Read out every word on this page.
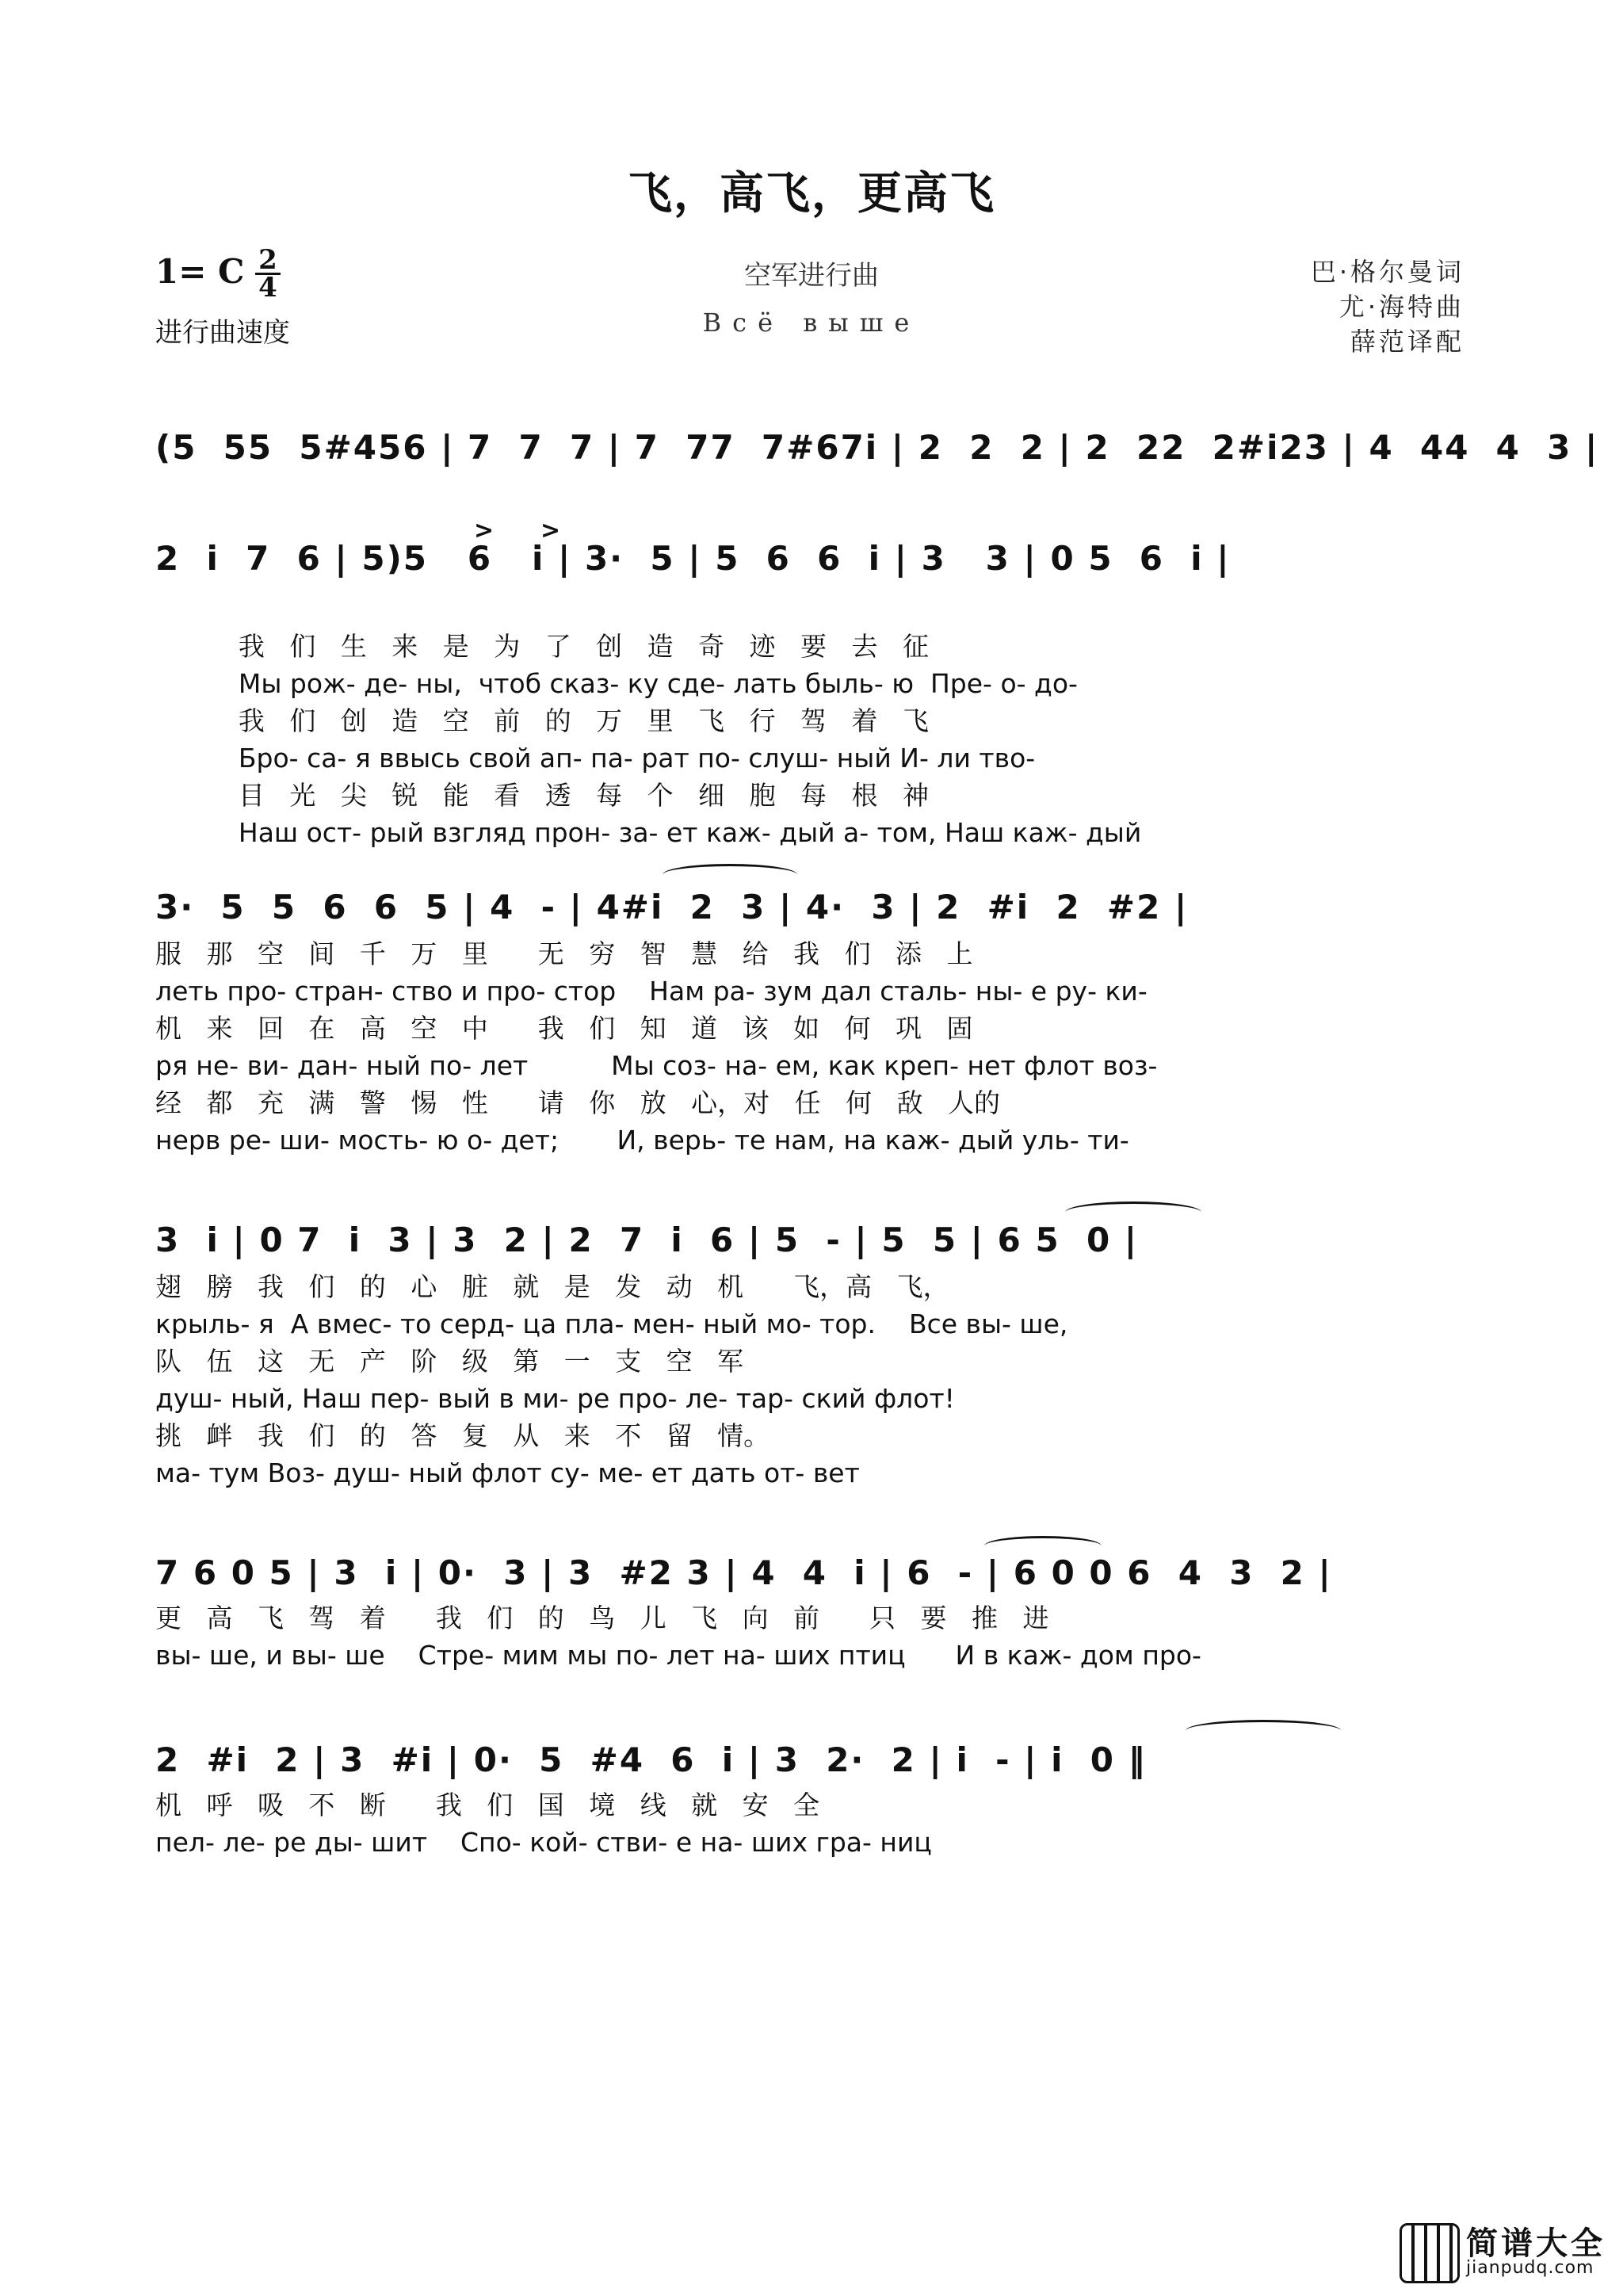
飞，高飞，更高飞
1= C 2
4
进行曲速度
空军进行曲
Всё выше
巴·格尔曼词
尤·海特曲
薛范译配
(5  55  5#456 | 7  7  7 | 7  77  7#67i | 2  2  2 | 2  22  2#i23 | 4  44  4  3 |
> >
2  i  7  6 | 5)5   6   i | 3·  5 | 5  6  6  i | 3   3 | 0 5  6  i |
我   们   生   来   是   为   了   创   造   奇   迹   要   去   征
Мы рож- де- ны,  чтоб сказ- ку сде- лать быль- ю  Пре- о- до-
我   们   创   造   空   前   的   万   里   飞   行   驾   着   飞
Бро- са- я ввысь свой ап- па- рат по- слуш- ный И- ли тво-
目   光   尖   锐   能   看   透   每   个   细   胞   每   根   神
Наш ост- рый взгляд прон- за- ет каж- дый а- том, Наш каж- дый
3·  5  5  6  6  5 | 4  - | 4#i  2  3 | 4·  3 | 2  #i  2  #2 |
服   那   空   间   千   万   里      无   穷   智   慧   给   我   们   添   上
леть про- стран- ство и про- стор    Нам ра- зум дал сталь- ны- е ру- ки-
机   来   回   在   高   空   中      我   们   知   道   该   如   何   巩   固
ря не- ви- дан- ный по- лет          Мы соз- на- ем, как креп- нет флот воз-
经   都   充   满   警   惕   性      请   你   放   心，对   任   何   敌   人的
нерв ре- ши- мость- ю о- дет;       И, верь- те нам, на каж- дый уль- ти-
3  i | 0 7  i  3 | 3  2 | 2  7  i  6 | 5  - | 5  5 | 6 5  0 |
翅   膀   我   们   的   心   脏   就   是   发   动   机      飞，高   飞，
крыль- я  А вмес- то серд- ца пла- мен- ный мо- тор.    Все вы- ше,
队   伍   这   无   产   阶   级   第   一   支   空   军
душ- ный, Наш пер- вый в ми- ре про- ле- тар- ский флот!
挑   衅   我   们   的   答   复   从   来   不   留   情。
ма- тум Воз- душ- ный флот су- ме- ет дать от- вет
7 6 0 5 | 3  i | 0·  3 | 3  #2 3 | 4  4  i | 6  - | 6 0 0 6  4  3  2 |
更   高   飞   驾   着      我   们   的   鸟   儿   飞   向   前      只   要   推   进
вы- ше, и вы- ше    Стре- мим мы по- лет на- ших птиц      И в каж- дом про-
2  #i  2 | 3  #i | 0·  5  #4  6  i | 3  2·  2 | i  - | i  0 ‖
机   呼   吸   不   断      我   们   国   境   线   就   安   全
пел- ле- ре ды- шит    Спо- кой- стви- е на- ших гра- ниц
简谱大全
jianpudq.com
